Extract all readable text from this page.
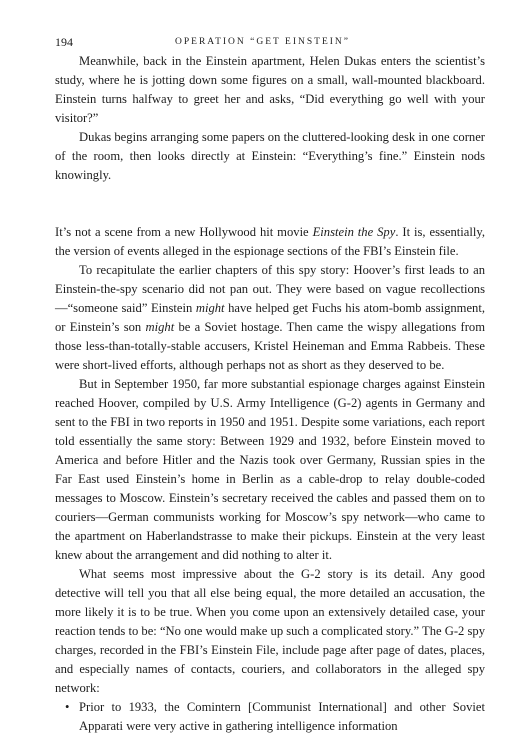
194	OPERATION “GET EINSTEIN”

Meanwhile, back in the Einstein apartment, Helen Dukas enters the scientist’s study, where he is jotting down some figures on a small, wall-mounted blackboard. Einstein turns halfway to greet her and asks, “Did everything go well with your visitor?”

Dukas begins arranging some papers on the cluttered-looking desk in one corner of the room, then looks directly at Einstein: “Everything’s fine.” Einstein nods knowingly.

It’s not a scene from a new Hollywood hit movie Einstein the Spy. It is, essentially, the version of events alleged in the espionage sections of the FBI’s Einstein file.

To recapitulate the earlier chapters of this spy story: Hoover’s first leads to an Einstein-the-spy scenario did not pan out. They were based on vague recollections—“someone said” Einstein might have helped get Fuchs his atom-bomb assignment, or Einstein’s son might be a Soviet hostage. Then came the wispy allegations from those less-than-totally-stable accusers, Kristel Heineman and Emma Rabbeis. These were short-lived efforts, although perhaps not as short as they deserved to be.

But in September 1950, far more substantial espionage charges against Einstein reached Hoover, compiled by U.S. Army Intelligence (G-2) agents in Germany and sent to the FBI in two reports in 1950 and 1951. Despite some variations, each report told essentially the same story: Between 1929 and 1932, before Einstein moved to America and before Hitler and the Nazis took over Germany, Russian spies in the Far East used Einstein’s home in Berlin as a cable-drop to relay double-coded messages to Moscow. Einstein’s secretary received the cables and passed them on to couriers—German communists working for Moscow’s spy network—who came to the apartment on Haberlandstrasse to make their pickups. Einstein at the very least knew about the arrangement and did nothing to alter it.

What seems most impressive about the G-2 story is its detail. Any good detective will tell you that all else being equal, the more detailed an accusation, the more likely it is to be true. When you come upon an extensively detailed case, your reaction tends to be: “No one would make up such a complicated story.” The G-2 spy charges, recorded in the FBI’s Einstein File, include page after page of dates, places, and especially names of contacts, couriers, and collaborators in the alleged spy network:

• Prior to 1933, the Comintern [Communist International] and other Soviet Apparati were very active in gathering intelligence information
